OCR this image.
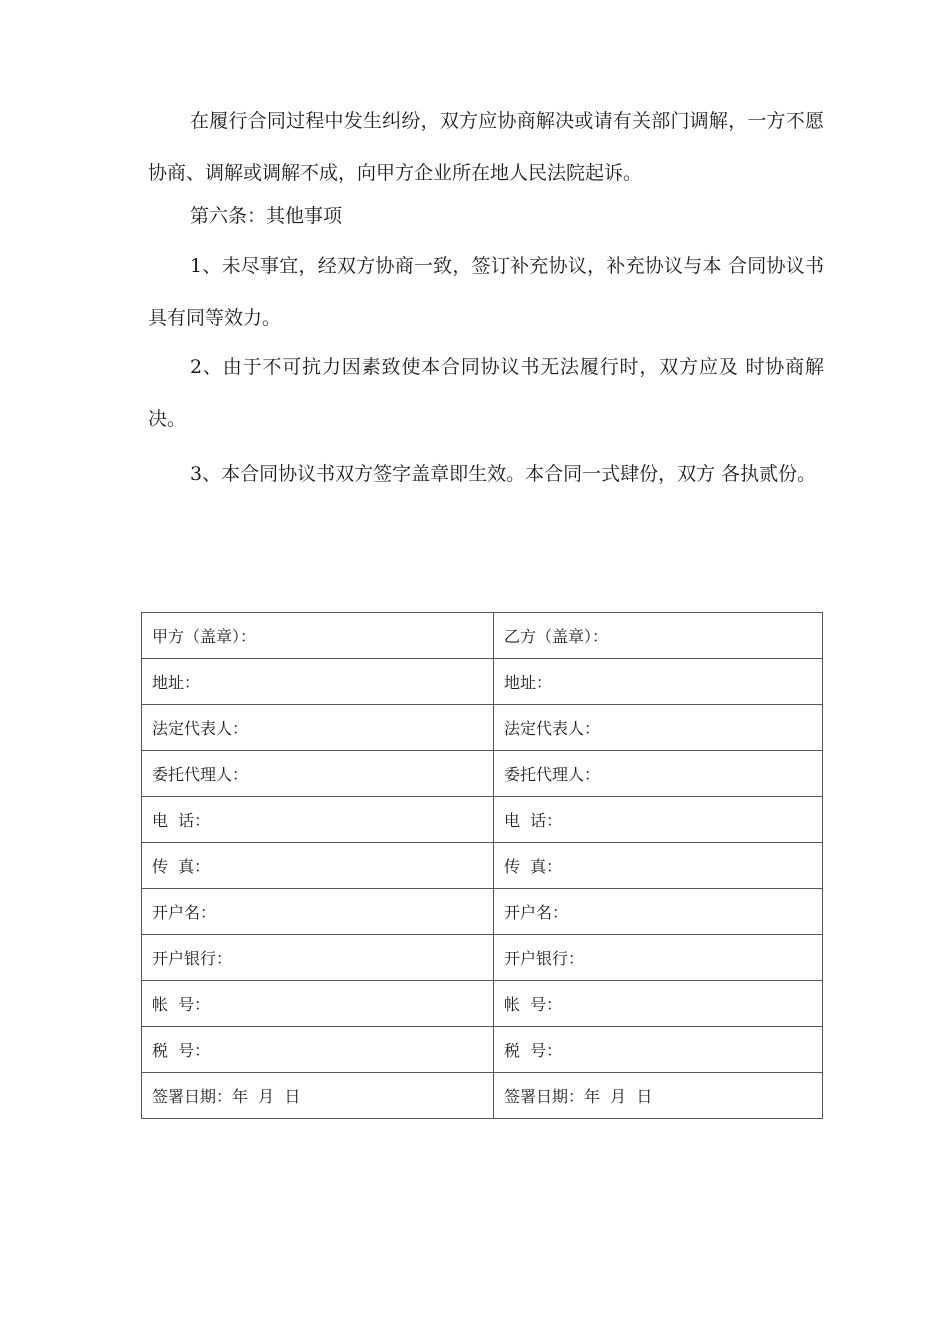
在履行合同过程中发生纠纷，双方应协商解决或请有关部门调解，一方不愿协商、调解或调解不成，向甲方企业所在地人民法院起诉。

第六条：其他事项

1、未尽事宜，经双方协商一致，签订补充协议，补充协议与本 合同协议书具有同等效力。

2、由于不可抗力因素致使本合同协议书无法履行时，双方应及 时协商解决。

3、本合同协议书双方签字盖章即生效。本合同一式肆份，双方 各执贰份。

甲方（盖章）：	乙方（盖章）：
地址：	地址：
法定代表人：	法定代表人：
委托代理人：	委托代理人：
电  话：	电  话：
传  真：	传  真：
开户名：	开户名：
开户银行：	开户银行：
帐  号：	帐  号：
税  号：	税  号：
签署日期：年  月  日	签署日期：年  月  日
